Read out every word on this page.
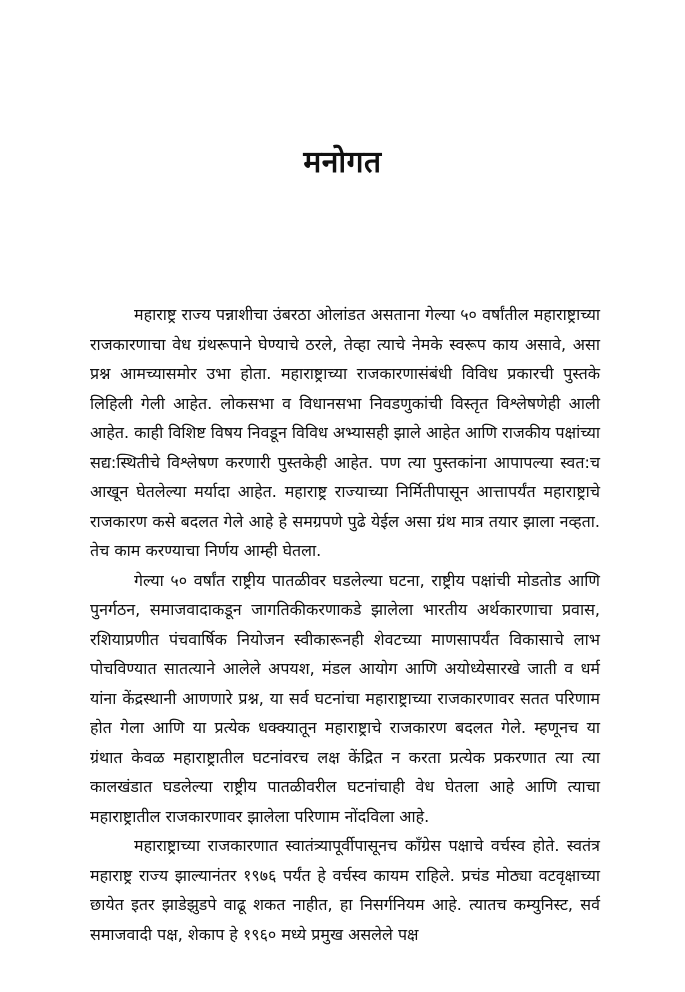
मनोगत

महाराष्ट्र राज्य पन्नाशीचा उंबरठा ओलांडत असताना गेल्या ५० वर्षांतील महाराष्ट्राच्या राजकारणाचा वेध ग्रंथरूपाने घेण्याचे ठरले, तेव्हा त्याचे नेमके स्वरूप काय असावे, असा प्रश्न आमच्यासमोर उभा होता. महाराष्ट्राच्या राजकारणासंबंधी विविध प्रकारची पुस्तके लिहिली गेली आहेत. लोकसभा व विधानसभा निवडणुकांची विस्तृत विश्लेषणेही आली आहेत. काही विशिष्ट विषय निवडून विविध अभ्यासही झाले आहेत आणि राजकीय पक्षांच्या सद्य:स्थितीचे विश्लेषण करणारी पुस्तकेही आहेत. पण त्या पुस्तकांना आपापल्या स्वत:च आखून घेतलेल्या मर्यादा आहेत. महाराष्ट्र राज्याच्या निर्मितीपासून आत्तापर्यंत महाराष्ट्राचे राजकारण कसे बदलत गेले आहे हे समग्रपणे पुढे येईल असा ग्रंथ मात्र तयार झाला नव्हता. तेच काम करण्याचा निर्णय आम्ही घेतला.

गेल्या ५० वर्षांत राष्ट्रीय पातळीवर घडलेल्या घटना, राष्ट्रीय पक्षांची मोडतोड आणि पुनर्गठन, समाजवादाकडून जागतिकीकरणाकडे झालेला भारतीय अर्थकारणाचा प्रवास, रशियाप्रणीत पंचवार्षिक नियोजन स्वीकारूनही शेवटच्या माणसापर्यंत विकासाचे लाभ पोचविण्यात सातत्याने आलेले अपयश, मंडल आयोग आणि अयोध्येसारखे जाती व धर्म यांना केंद्रस्थानी आणणारे प्रश्न, या सर्व घटनांचा महाराष्ट्राच्या राजकारणावर सतत परिणाम होत गेला आणि या प्रत्येक धक्क्यातून महाराष्ट्राचे राजकारण बदलत गेले. म्हणूनच या ग्रंथात केवळ महाराष्ट्रातील घटनांवरच लक्ष केंद्रित न करता प्रत्येक प्रकरणात त्या त्या कालखंडात घडलेल्या राष्ट्रीय पातळीवरील घटनांचाही वेध घेतला आहे आणि त्याचा महाराष्ट्रातील राजकारणावर झालेला परिणाम नोंदविला आहे.

महाराष्ट्राच्या राजकारणात स्वातंत्र्यापूर्वीपासूनच काँग्रेस पक्षाचे वर्चस्व होते. स्वतंत्र महाराष्ट्र राज्य झाल्यानंतर १९७६ पर्यंत हे वर्चस्व कायम राहिले. प्रचंड मोठ्या वटवृक्षाच्या छायेत इतर झाडेझुडपे वाढू शकत नाहीत, हा निसर्गनियम आहे. त्यातच कम्युनिस्ट, सर्व समाजवादी पक्ष, शेकाप हे १९६० मध्ये प्रमुख असलेले पक्ष
